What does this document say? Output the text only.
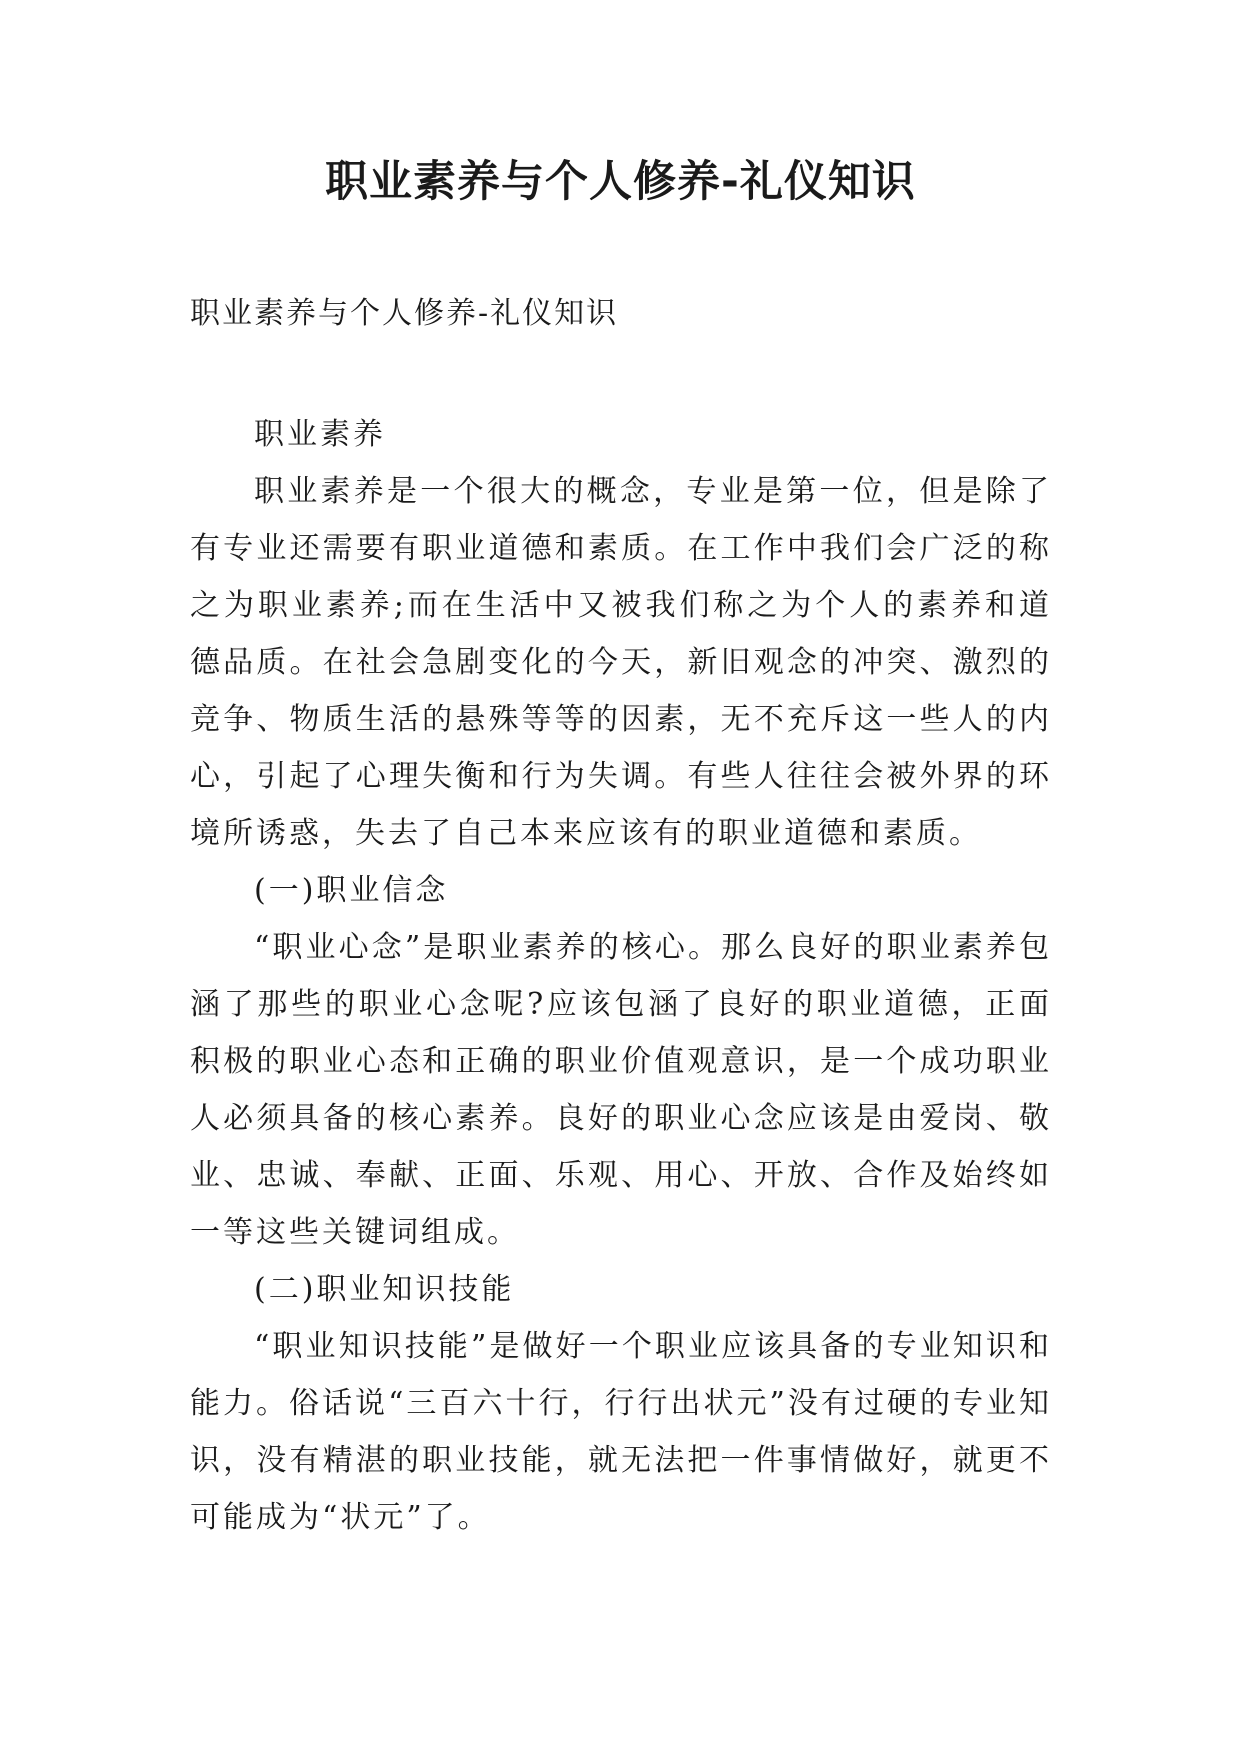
职业素养与个人修养-礼仪知识

职业素养与个人修养-礼仪知识

职业素养

职业素养是一个很大的概念，专业是第一位，但是除了有专业还需要有职业道德和素质。在工作中我们会广泛的称之为职业素养;而在生活中又被我们称之为个人的素养和道德品质。在社会急剧变化的今天，新旧观念的冲突、激烈的竞争、物质生活的悬殊等等的因素，无不充斥这一些人的内心，引起了心理失衡和行为失调。有些人往往会被外界的环境所诱惑，失去了自己本来应该有的职业道德和素质。

(一)职业信念

“职业心念”是职业素养的核心。那么良好的职业素养包涵了那些的职业心念呢?应该包涵了良好的职业道德，正面积极的职业心态和正确的职业价值观意识，是一个成功职业人必须具备的核心素养。良好的职业心念应该是由爱岗、敬业、忠诚、奉献、正面、乐观、用心、开放、合作及始终如一等这些关键词组成。

(二)职业知识技能

“职业知识技能”是做好一个职业应该具备的专业知识和能力。俗话说“三百六十行，行行出状元”没有过硬的专业知识，没有精湛的职业技能，就无法把一件事情做好，就更不可能成为“状元”了。
